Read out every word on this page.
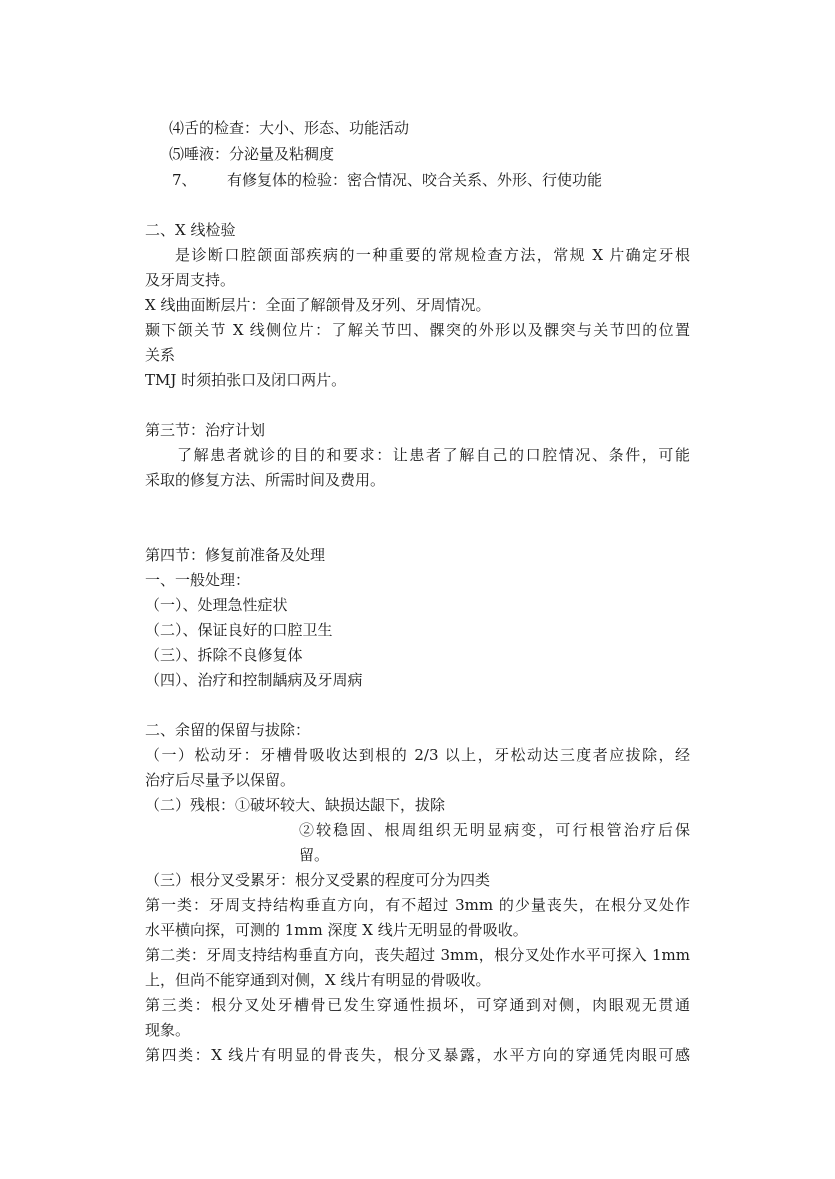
⑷舌的检查：大小、形态、功能活动
⑸唾液：分泌量及粘稠度
7、 有修复体的检验：密合情况、咬合关系、外形、行使功能
二、X 线检验
是诊断口腔颌面部疾病的一种重要的常规检查方法，常规 X 片确定牙根
及牙周支持。
X 线曲面断层片：全面了解颌骨及牙列、牙周情况。
颞下颌关节 X 线侧位片：了解关节凹、髁突的外形以及髁突与关节凹的位置
关系
TMJ 时须拍张口及闭口两片。
第三节：治疗计划
了解患者就诊的目的和要求：让患者了解自己的口腔情况、条件，可能
采取的修复方法、所需时间及费用。
第四节：修复前准备及处理
一、一般处理：
（一）、处理急性症状
（二）、保证良好的口腔卫生
（三）、拆除不良修复体
（四）、治疗和控制龋病及牙周病
二、余留的保留与拔除：
（一）松动牙：牙槽骨吸收达到根的 2/3 以上，牙松动达三度者应拔除，经
治疗后尽量予以保留。
（二）残根：①破坏较大、缺损达龈下，拔除
②较稳固、根周组织无明显病变，可行根管治疗后保
留。
（三）根分叉受累牙：根分叉受累的程度可分为四类
第一类：牙周支持结构垂直方向，有不超过 3mm 的少量丧失，在根分叉处作
水平横向探，可测的 1mm 深度 X 线片无明显的骨吸收。
第二类：牙周支持结构垂直方向，丧失超过 3mm，根分叉处作水平可探入 1mm
上，但尚不能穿通到对侧，X 线片有明显的骨吸收。
第三类：根分叉处牙槽骨已发生穿通性损坏，可穿通到对侧，肉眼观无贯通
现象。
第四类：X 线片有明显的骨丧失，根分叉暴露，水平方向的穿通凭肉眼可感
